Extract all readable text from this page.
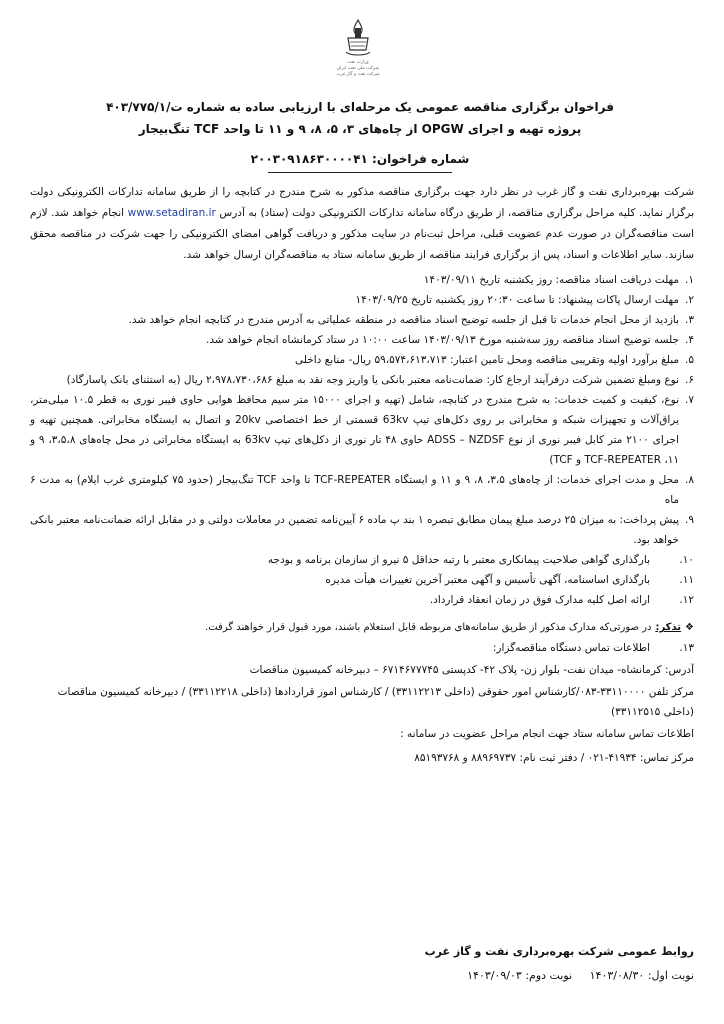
وزارت نفت
شرکت ملی نفت ایران
شرکت نفت و گاز غرب
فراخوان برگزاری مناقصه عمومی یک مرحله‌ای با ارزیابی ساده به شماره ت/۴۰۳/۷۷۵/۱
پروژه تهیه و اجرای OPGW از چاه‌های ۳، ۵، ۸، ۹ و ۱۱ تا واحد TCF تنگ‌بیجار
شماره فراخوان: ۲۰۰۳۰۹۱۸۶۳۰۰۰۰۴۱

شرکت بهره‌برداری نفت و گاز غرب در نظر دارد جهت برگزاری مناقصه مذکور به شرح مندرج در کتابچه را از طریق سامانه تدارکات الکترونیکی دولت برگزار نماید. کلیه مراحل برگزاری مناقصه، از طریق درگاه سامانه تدارکات الکترونیکی دولت (ستاد) به آدرس www.setadiran.ir انجام خواهد شد. لازم است مناقصه‌گران در صورت عدم عضویت قبلی، مراحل ثبت‌نام در سایت مذکور و دریافت گواهی امضای الکترونیکی را جهت شرکت در مناقصه محقق سازند. سایر اطلاعات و اسناد، پس از برگزاری فرایند مناقصه از طریق سامانه ستاد به مناقصه‌گران ارسال خواهد شد.

۱.
مهلت دریافت اسناد مناقصه: روز یکشنبه تاریخ ۱۴۰۳/۰۹/۱۱
۲.
مهلت ارسال پاکات پیشنهاد: تا ساعت ۲۰:۳۰ روز یکشنبه تاریخ ۱۴۰۳/۰۹/۲۵
۳.
بازدید از محل انجام خدمات تا قبل از جلسه توضیح اسناد مناقصه در منطقه عملیاتی به آدرس مندرج در کتابچه انجام خواهد شد.
۴.
جلسه توضیح اسناد مناقصه روز سه‌شنبه مورخ ۱۴۰۳/۰۹/۱۳ ساعت ۱۰:۰۰ در ستاد کرمانشاه انجام خواهد شد.
۵.
مبلغ برآورد اولیه وتقریبی مناقصه ومحل تامین اعتبار: ۵۹،۵۷۴،۶۱۳،۷۱۳ ریال- منابع داخلی
۶.
نوع ومبلغ تضمین شرکت درفرآیند ارجاع کار: ضمانت‌نامه معتبر بانکی یا واریز وجه نقد به مبلغ ۲،۹۷۸،۷۳۰،۶۸۶ ریال (به استثنای بانک پاسارگاد)
۷.
نوع، کیفیت و کمیت خدمات: به شرح مندرج در کتابچه، شامل (تهیه و اجرای ۱۵۰۰۰ متر سیم محافظ هوایی حاوی فیبر نوری به قطر ۱۰.۵ میلی‌متر، یراق‌آلات و تجهیزات شبکه و مخابراتی بر روی دکل‌های تیپ 63kv قسمتی از خط اختصاصی 20kv و اتصال به ایستگاه مخابراتی. همچنین تهیه و اجرای ۲۱۰۰ متر کابل فیبر نوری از نوع ADSS – NZDSF حاوی ۴۸ تار نوری از دکل‌های تیپ 63kv به ایستگاه مخابراتی در محل چاه‌های ۳،۵،۸، ۹ و ۱۱، TCF-REPEATER و TCF)
۸.
محل و مدت اجرای خدمات: از چاه‌های ۳،۵، ۸، ۹ و ۱۱ و ایستگاه TCF-REPEATER تا واحد TCF تنگ‌بیجار (حدود ۷۵ کیلومتری غرب ایلام) به مدت ۶ ماه
۹.
پیش پرداخت: به میزان ۲۵ درصد مبلغ پیمان مطابق تبصره ۱ بند پ ماده ۶ آیین‌نامه تضمین در معاملات دولتی و در مقابل ارائه ضمانت‌نامه معتبر بانکی خواهد بود.
۱۰.
بارگذاری گواهی صلاحیت پیمانکاری معتبر با رتبه حداقل ۵ نیرو از سازمان برنامه و بودجه
۱۱.
بارگذاری اساسنامه، آگهی تأسیس و آگهی معتبر آخرین تغییرات هیأت مدیره
۱۲.
ارائه اصل کلیه مدارک فوق در زمان انعقاد قرارداد.
❖تذکر:در صورتی‌که مدارک مذکور از طریق سامانه‌های مربوطه قابل استعلام باشند، مورد قبول قرار خواهند گرفت.
۱۳.
اطلاعات تماس دستگاه مناقصه‌گزار:
آدرس: کرمانشاه- میدان نفت- بلوار زن- پلاک ۴۲- کدپستی ۶۷۱۴۶۷۷۷۴۵ – دبیرخانه کمیسیون مناقصات
مرکز تلفن ۳۳۱۱۰۰۰۰-۰۸۳/کارشناس امور حقوقی (داخلی ۳۳۱۱۲۲۱۳) / کارشناس امور قراردادها (داخلی ۳۳۱۱۲۲۱۸) / دبیرخانه کمیسیون مناقصات (داخلی ۳۳۱۱۲۵۱۵)
اطلاعات تماس سامانه ستاد جهت انجام مراحل عضویت در سامانه :
مرکز تماس: ۴۱۹۳۴-۰۲۱ / دفتر ثبت نام: ۸۸۹۶۹۷۳۷ و ۸۵۱۹۳۷۶۸
روابط عمومی شرکت بهره‌برداری نفت و گاز غرب
نوبت اول: ۱۴۰۳/۰۸/۳۰     نوبت دوم: ۱۴۰۳/۰۹/۰۳
